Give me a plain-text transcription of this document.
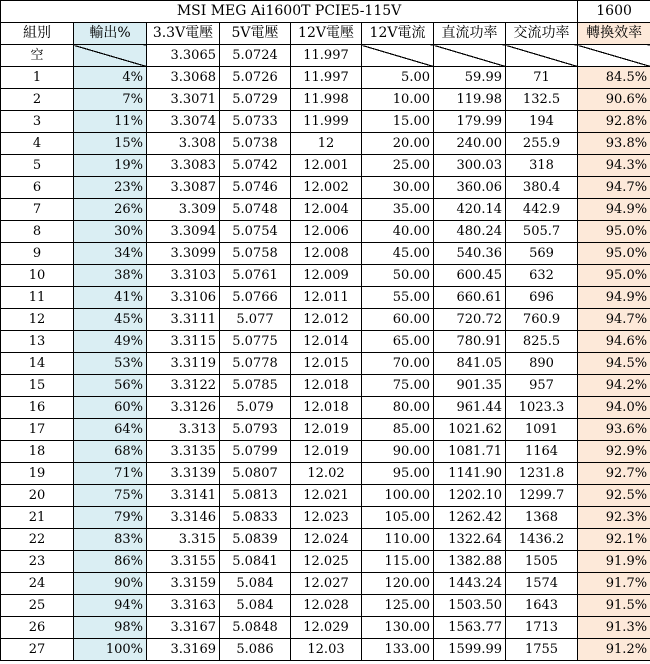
MSI MEG Ai1600T PCIE5-115V								1600
組別	輸出%	3.3V電壓	5V電壓	12V電壓	12V電流	直流功率	交流功率	轉換效率
空		3.3065	5.0724	11.997				
1	4%	3.3068	5.0726	11.997	5.00	59.99	71	84.5%
2	7%	3.3071	5.0729	11.998	10.00	119.98	132.5	90.6%
3	11%	3.3074	5.0733	11.999	15.00	179.99	194	92.8%
4	15%	3.308	5.0738	12	20.00	240.00	255.9	93.8%
5	19%	3.3083	5.0742	12.001	25.00	300.03	318	94.3%
6	23%	3.3087	5.0746	12.002	30.00	360.06	380.4	94.7%
7	26%	3.309	5.0748	12.004	35.00	420.14	442.9	94.9%
8	30%	3.3094	5.0754	12.006	40.00	480.24	505.7	95.0%
9	34%	3.3099	5.0758	12.008	45.00	540.36	569	95.0%
10	38%	3.3103	5.0761	12.009	50.00	600.45	632	95.0%
11	41%	3.3106	5.0766	12.011	55.00	660.61	696	94.9%
12	45%	3.3111	5.077	12.012	60.00	720.72	760.9	94.7%
13	49%	3.3115	5.0775	12.014	65.00	780.91	825.5	94.6%
14	53%	3.3119	5.0778	12.015	70.00	841.05	890	94.5%
15	56%	3.3122	5.0785	12.018	75.00	901.35	957	94.2%
16	60%	3.3126	5.079	12.018	80.00	961.44	1023.3	94.0%
17	64%	3.313	5.0793	12.019	85.00	1021.62	1091	93.6%
18	68%	3.3135	5.0799	12.019	90.00	1081.71	1164	92.9%
19	71%	3.3139	5.0807	12.02	95.00	1141.90	1231.8	92.7%
20	75%	3.3141	5.0813	12.021	100.00	1202.10	1299.7	92.5%
21	79%	3.3146	5.0833	12.023	105.00	1262.42	1368	92.3%
22	83%	3.315	5.0839	12.024	110.00	1322.64	1436.2	92.1%
23	86%	3.3155	5.0841	12.025	115.00	1382.88	1505	91.9%
24	90%	3.3159	5.084	12.027	120.00	1443.24	1574	91.7%
25	94%	3.3163	5.084	12.028	125.00	1503.50	1643	91.5%
26	98%	3.3167	5.0848	12.029	130.00	1563.77	1713	91.3%
27	100%	3.3169	5.086	12.03	133.00	1599.99	1755	91.2%
